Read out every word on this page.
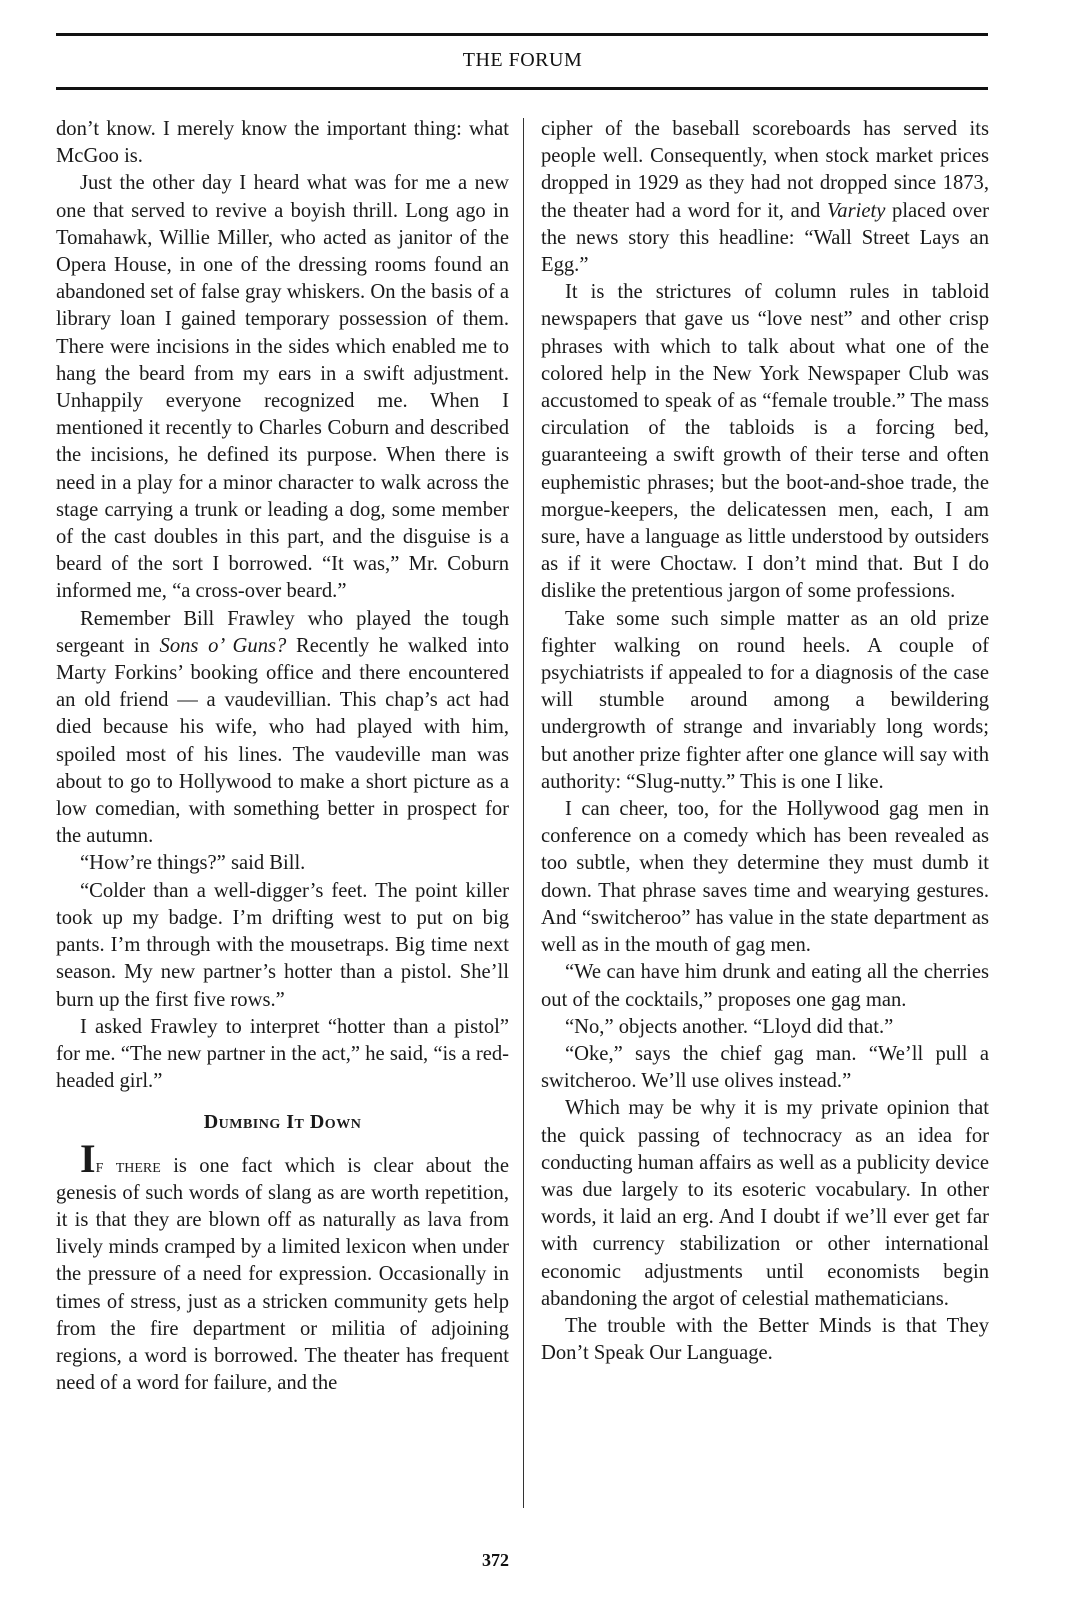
THE FORUM

don’t know. I merely know the important thing: what McGoo is.

Just the other day I heard what was for me a new one that served to revive a boyish thrill. Long ago in Tomahawk, Willie Miller, who acted as janitor of the Opera House, in one of the dressing rooms found an abandoned set of false gray whiskers. On the basis of a library loan I gained temporary possession of them. There were incisions in the sides which enabled me to hang the beard from my ears in a swift adjustment. Unhappily everyone recognized me. When I mentioned it recently to Charles Coburn and described the incisions, he defined its purpose. When there is need in a play for a minor character to walk across the stage carrying a trunk or leading a dog, some member of the cast doubles in this part, and the disguise is a beard of the sort I borrowed. “It was,” Mr. Coburn informed me, “a cross-over beard.”

Remember Bill Frawley who played the tough sergeant in Sons o’ Guns? Recently he walked into Marty Forkins’ booking office and there encountered an old friend — a vaudevillian. This chap’s act had died because his wife, who had played with him, spoiled most of his lines. The vaudeville man was about to go to Hollywood to make a short picture as a low comedian, with something better in prospect for the autumn.

“How’re things?” said Bill.

“Colder than a well-digger’s feet. The point killer took up my badge. I’m drifting west to put on big pants. I’m through with the mousetraps. Big time next season. My new partner’s hotter than a pistol. She’ll burn up the first five rows.”

I asked Frawley to interpret “hotter than a pistol” for me. “The new partner in the act,” he said, “is a red-headed girl.”

Dumbing It Down

If there is one fact which is clear about the genesis of such words of slang as are worth repetition, it is that they are blown off as naturally as lava from lively minds cramped by a limited lexicon when under the pressure of a need for expression. Occasionally in times of stress, just as a stricken community gets help from the fire department or militia of adjoining regions, a word is borrowed. The theater has frequent need of a word for failure, and the

cipher of the baseball scoreboards has served its people well. Consequently, when stock market prices dropped in 1929 as they had not dropped since 1873, the theater had a word for it, and Variety placed over the news story this headline: “Wall Street Lays an Egg.”

It is the strictures of column rules in tabloid newspapers that gave us “love nest” and other crisp phrases with which to talk about what one of the colored help in the New York Newspaper Club was accustomed to speak of as “female trouble.” The mass circulation of the tabloids is a forcing bed, guaranteeing a swift growth of their terse and often euphemistic phrases; but the boot-and-shoe trade, the morgue-keepers, the delicatessen men, each, I am sure, have a language as little understood by outsiders as if it were Choctaw. I don’t mind that. But I do dislike the pretentious jargon of some professions.

Take some such simple matter as an old prize fighter walking on round heels. A couple of psychiatrists if appealed to for a diagnosis of the case will stumble around among a bewildering undergrowth of strange and invariably long words; but another prize fighter after one glance will say with authority: “Slug-nutty.” This is one I like.

I can cheer, too, for the Hollywood gag men in conference on a comedy which has been revealed as too subtle, when they determine they must dumb it down. That phrase saves time and wearying gestures. And “switcheroo” has value in the state department as well as in the mouth of gag men.

“We can have him drunk and eating all the cherries out of the cocktails,” proposes one gag man.

“No,” objects another. “Lloyd did that.”

“Oke,” says the chief gag man. “We’ll pull a switcheroo. We’ll use olives instead.”

Which may be why it is my private opinion that the quick passing of technocracy as an idea for conducting human affairs as well as a publicity device was due largely to its esoteric vocabulary. In other words, it laid an erg. And I doubt if we’ll ever get far with currency stabilization or other international economic adjustments until economists begin abandoning the argot of celestial mathematicians.

The trouble with the Better Minds is that They Don’t Speak Our Language.

372
